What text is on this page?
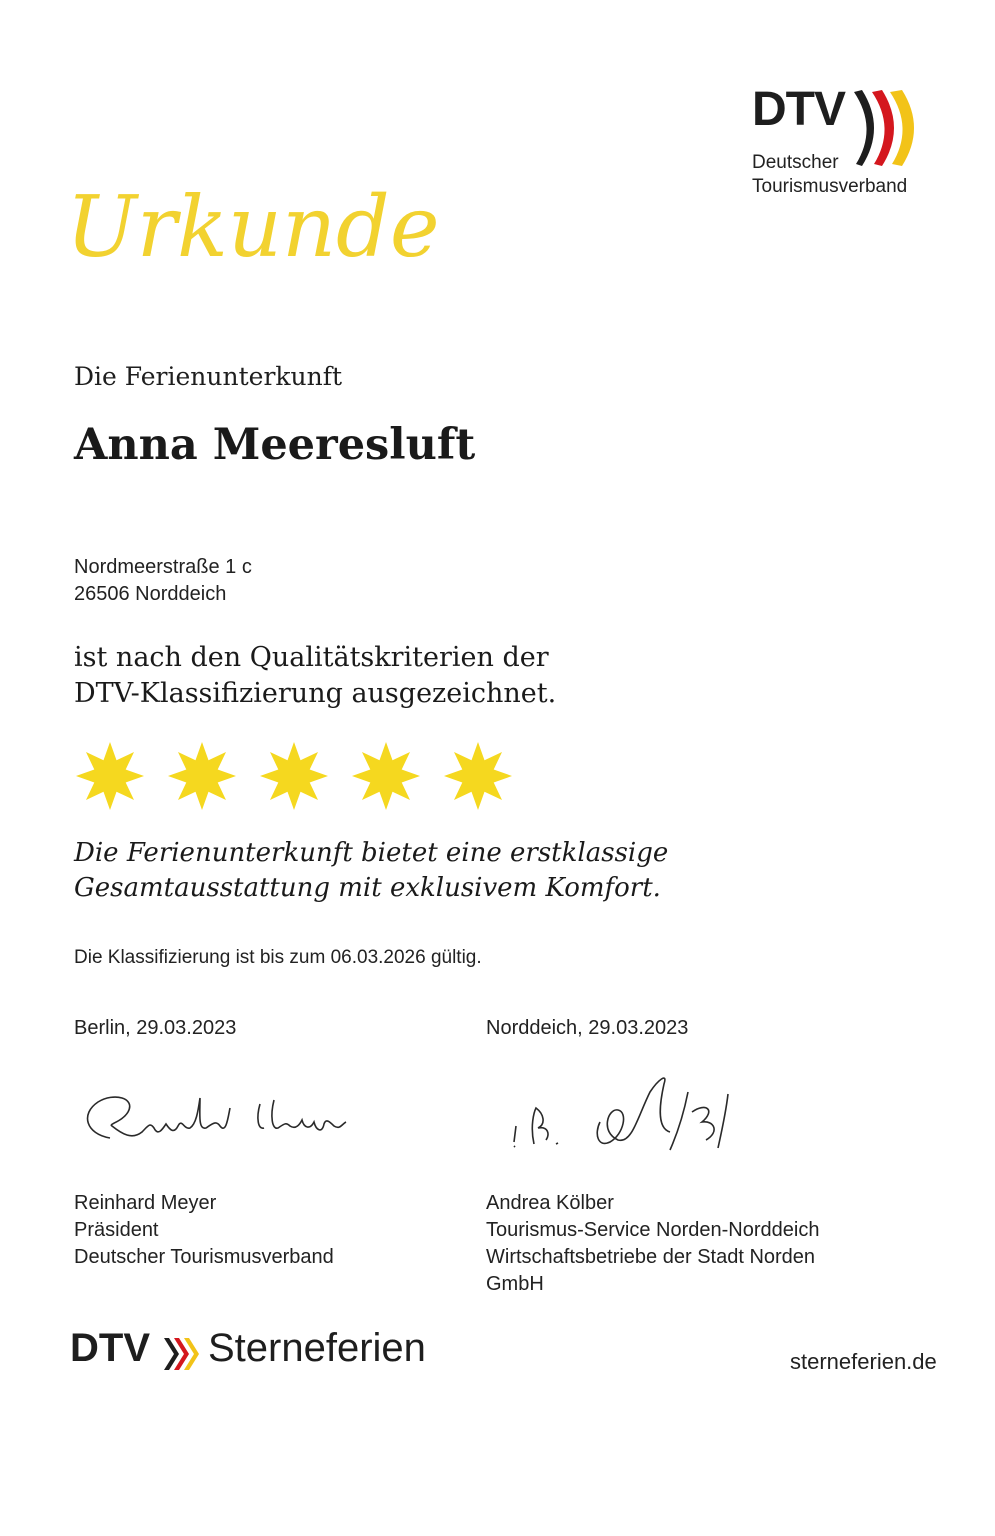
DTV
Deutscher
Tourismusverband
Urkunde
Die Ferienunterkunft
Anna Meeresluft
Nordmeerstraße 1 c
26506 Norddeich
ist nach den Qualitätskriterien der
DTV-Klassifizierung ausgezeichnet.
Die Ferienunterkunft bietet eine erstklassige
Gesamtausstattung mit exklusivem Komfort.
Die Klassifizierung ist bis zum 06.03.2026 gültig.
Berlin, 29.03.2023	Norddeich, 29.03.2023
Reinhard Meyer
Präsident
Deutscher Tourismusverband
Andrea Kölber
Tourismus-Service Norden-Norddeich
Wirtschaftsbetriebe der Stadt Norden
GmbH
DTV Sterneferien	sterneferien.de
